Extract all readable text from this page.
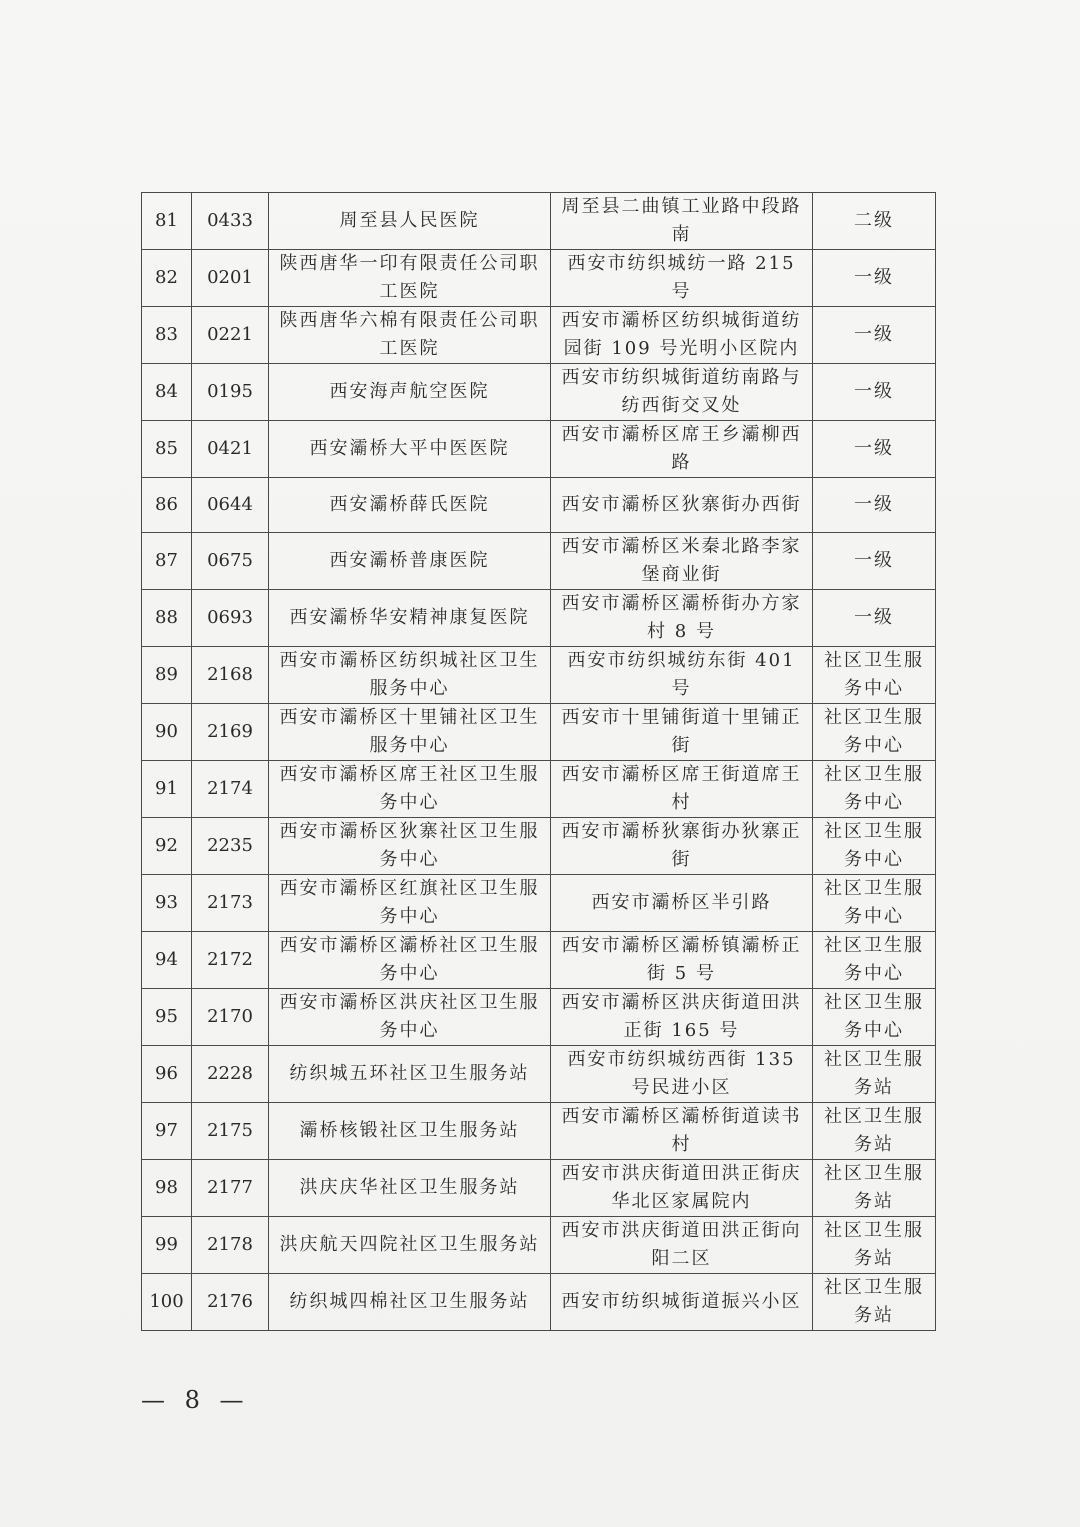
81	0433	周至县人民医院	周至县二曲镇工业路中段路南	二级
82	0201	陕西唐华一印有限责任公司职工医院	西安市纺织城纺一路 215 号	一级
83	0221	陕西唐华六棉有限责任公司职工医院	西安市灞桥区纺织城街道纺园街 109 号光明小区院内	一级
84	0195	西安海声航空医院	西安市纺织城街道纺南路与纺西街交叉处	一级
85	0421	西安灞桥大平中医医院	西安市灞桥区席王乡灞柳西路	一级
86	0644	西安灞桥薛氏医院	西安市灞桥区狄寨街办西街	一级
87	0675	西安灞桥普康医院	西安市灞桥区米秦北路李家堡商业街	一级
88	0693	西安灞桥华安精神康复医院	西安市灞桥区灞桥街办方家村 8 号	一级
89	2168	西安市灞桥区纺织城社区卫生服务中心	西安市纺织城纺东街 401 号	社区卫生服务中心
90	2169	西安市灞桥区十里铺社区卫生服务中心	西安市十里铺街道十里铺正街	社区卫生服务中心
91	2174	西安市灞桥区席王社区卫生服务中心	西安市灞桥区席王街道席王村	社区卫生服务中心
92	2235	西安市灞桥区狄寨社区卫生服务中心	西安市灞桥狄寨街办狄寨正街	社区卫生服务中心
93	2173	西安市灞桥区红旗社区卫生服务中心	西安市灞桥区半引路	社区卫生服务中心
94	2172	西安市灞桥区灞桥社区卫生服务中心	西安市灞桥区灞桥镇灞桥正街 5 号	社区卫生服务中心
95	2170	西安市灞桥区洪庆社区卫生服务中心	西安市灞桥区洪庆街道田洪正街 165 号	社区卫生服务中心
96	2228	纺织城五环社区卫生服务站	西安市纺织城纺西街 135 号民进小区	社区卫生服务站
97	2175	灞桥核锻社区卫生服务站	西安市灞桥区灞桥街道读书村	社区卫生服务站
98	2177	洪庆庆华社区卫生服务站	西安市洪庆街道田洪正街庆华北区家属院内	社区卫生服务站
99	2178	洪庆航天四院社区卫生服务站	西安市洪庆街道田洪正街向阳二区	社区卫生服务站
100	2176	纺织城四棉社区卫生服务站	西安市纺织城街道振兴小区	社区卫生服务站
— 8 —
